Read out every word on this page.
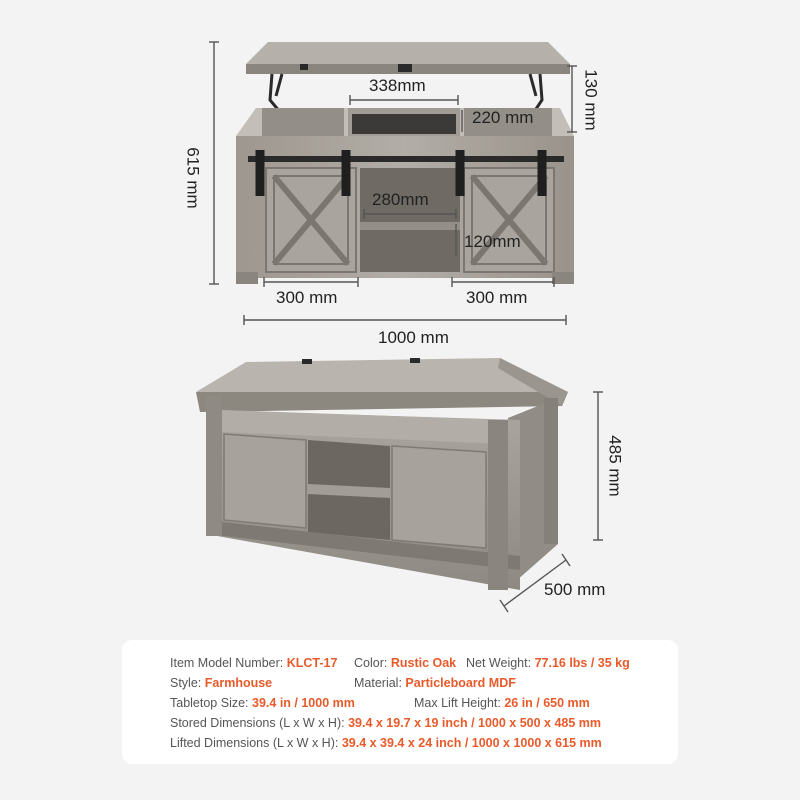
338mm
220 mm	130 mm
615 mm	280mm
120mm
300 mm	300 mm
1000 mm
485 mm
500 mm
Item Model Number: KLCT-17 Color: Rustic Oak Net Weight: 77.16 lbs / 35 kg
Style: Farmhouse	Material: Particleboard MDF
Tabletop Size: 39.4 in / 1000 mm	Max Lift Height: 26 in / 650 mm
Stored Dimensions (L x W x H): 39.4 x 19.7 x 19 inch / 1000 x 500 x 485 mm
Lifted Dimensions (L x W x H): 39.4 x 39.4 x 24 inch / 1000 x 1000 x 615 mm
